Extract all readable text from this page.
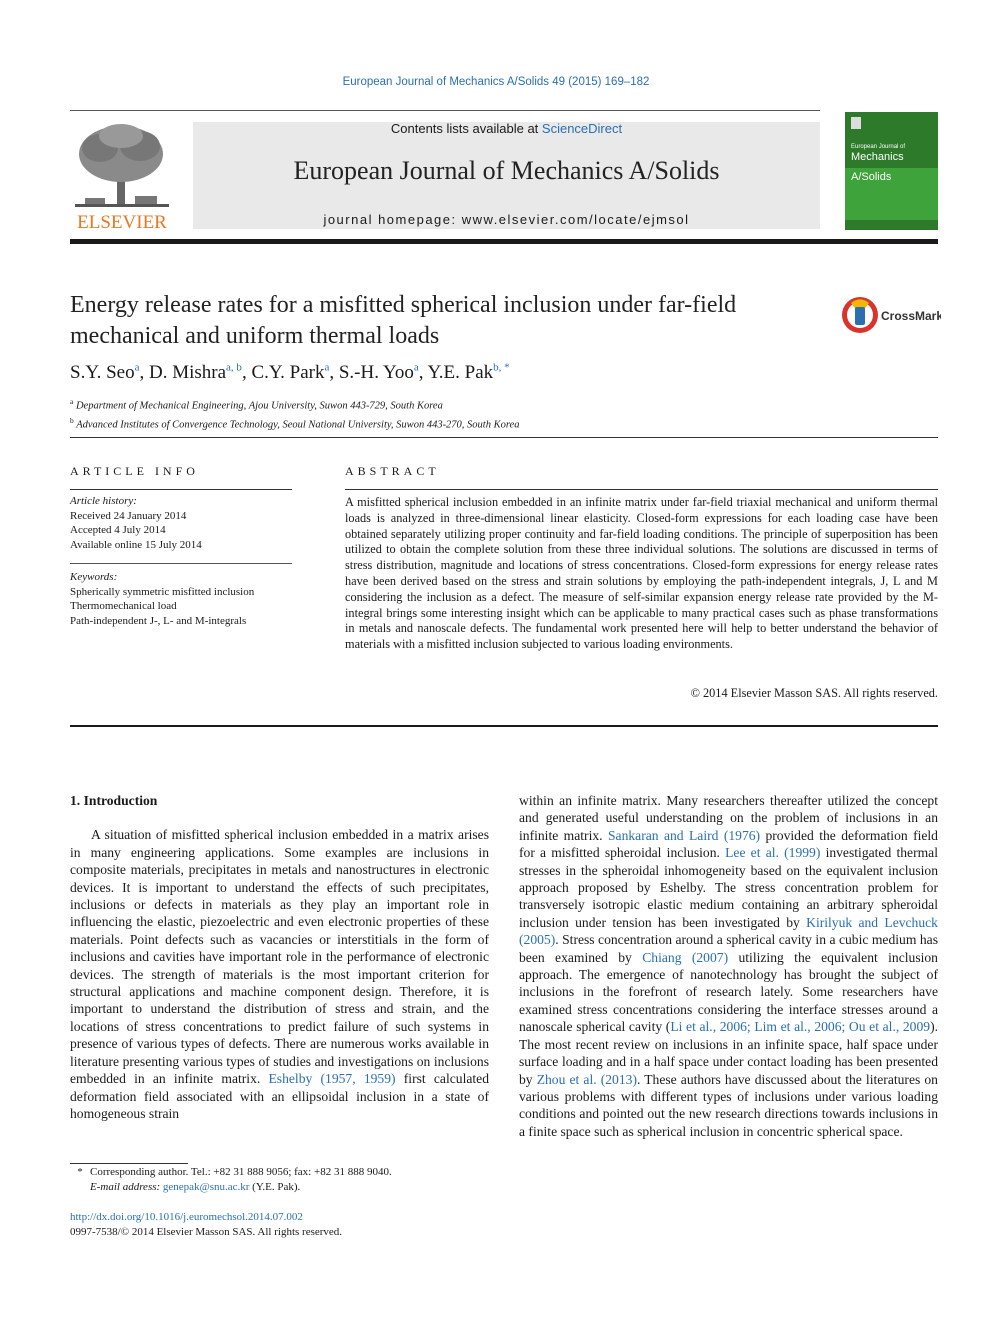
European Journal of Mechanics A/Solids 49 (2015) 169–182
ELSEVIER
Contents lists available at ScienceDirect
European Journal of Mechanics A/Solids
journal homepage: www.elsevier.com/locate/ejmsol
European Journal of
Mechanics
A/Solids
Energy release rates for a misfitted spherical inclusion under far-field mechanical and uniform thermal loads
CrossMark
S.Y. Seo$^a$, D. Mishra$^{a, b}$, C.Y. Park$^a$, S.-H. Yoo$^a$, Y.E. Pak$^{b, *}$
$^a$ Department of Mechanical Engineering, Ajou University, Suwon 443-729, South Korea
$^b$ Advanced Institutes of Convergence Technology, Seoul National University, Suwon 443-270, South Korea
ARTICLE INFO	ABSTRACT
Article history:
Received 24 January 2014
Accepted 4 July 2014
Available online 15 July 2014
Keywords:
Spherically symmetric misfitted inclusion
Thermomechanical load
Path-independent J-, L- and M-integrals
A misfitted spherical inclusion embedded in an infinite matrix under far-field triaxial mechanical and uniform thermal loads is analyzed in three-dimensional linear elasticity. Closed-form expressions for each loading case have been obtained separately utilizing proper continuity and far-field loading conditions. The principle of superposition has been utilized to obtain the complete solution from these three individual solutions. The solutions are discussed in terms of stress distribution, magnitude and locations of stress concentrations. Closed-form expressions for energy release rates have been derived based on the stress and strain solutions by employing the path-independent integrals, J, L and M considering the inclusion as a defect. The measure of self-similar expansion energy release rate provided by the M-integral brings some interesting insight which can be applicable to many practical cases such as phase transformations in metals and nanoscale defects. The fundamental work presented here will help to better understand the behavior of materials with a misfitted inclusion subjected to various loading environments.
© 2014 Elsevier Masson SAS. All rights reserved.
1. Introduction

A situation of misfitted spherical inclusion embedded in a matrix arises in many engineering applications. Some examples are inclusions in composite materials, precipitates in metals and nanostructures in electronic devices. It is important to understand the effects of such precipitates, inclusions or defects in materials as they play an important role in influencing the elastic, piezoelectric and even electronic properties of these materials. Point defects such as vacancies or interstitials in the form of inclusions and cavities have important role in the performance of electronic devices. The strength of materials is the most important criterion for structural applications and machine component design. Therefore, it is important to understand the distribution of stress and strain, and the locations of stress concentrations to predict failure of such systems in presence of various types of defects. There are numerous works available in literature presenting various types of studies and investigations on inclusions embedded in an infinite matrix. Eshelby (1957, 1959) first calculated deformation field associated with an ellipsoidal inclusion in a state of homogeneous strain

within an infinite matrix. Many researchers thereafter utilized the concept and generated useful understanding on the problem of inclusions in an infinite matrix. Sankaran and Laird (1976) provided the deformation field for a misfitted spheroidal inclusion. Lee et al. (1999) investigated thermal stresses in the spheroidal inhomogeneity based on the equivalent inclusion approach proposed by Eshelby. The stress concentration problem for transversely isotropic elastic medium containing an arbitrary spheroidal inclusion under tension has been investigated by Kirilyuk and Levchuck (2005). Stress concentration around a spherical cavity in a cubic medium has been examined by Chiang (2007) utilizing the equivalent inclusion approach. The emergence of nanotechnology has brought the subject of inclusions in the forefront of research lately. Some researchers have examined stress concentrations considering the interface stresses around a nanoscale spherical cavity (Li et al., 2006; Lim et al., 2006; Ou et al., 2009). The most recent review on inclusions in an infinite space, half space under surface loading and in a half space under contact loading has been presented by Zhou et al. (2013). These authors have discussed about the literatures on various problems with different types of inclusions under various loading conditions and pointed out the new research directions towards inclusions in a finite space such as spherical inclusion in concentric spherical space.

* Corresponding author. Tel.: +82 31 888 9056; fax: +82 31 888 9040.
E-mail address: genepak@snu.ac.kr (Y.E. Pak).
http://dx.doi.org/10.1016/j.euromechsol.2014.07.002
0997-7538/© 2014 Elsevier Masson SAS. All rights reserved.
